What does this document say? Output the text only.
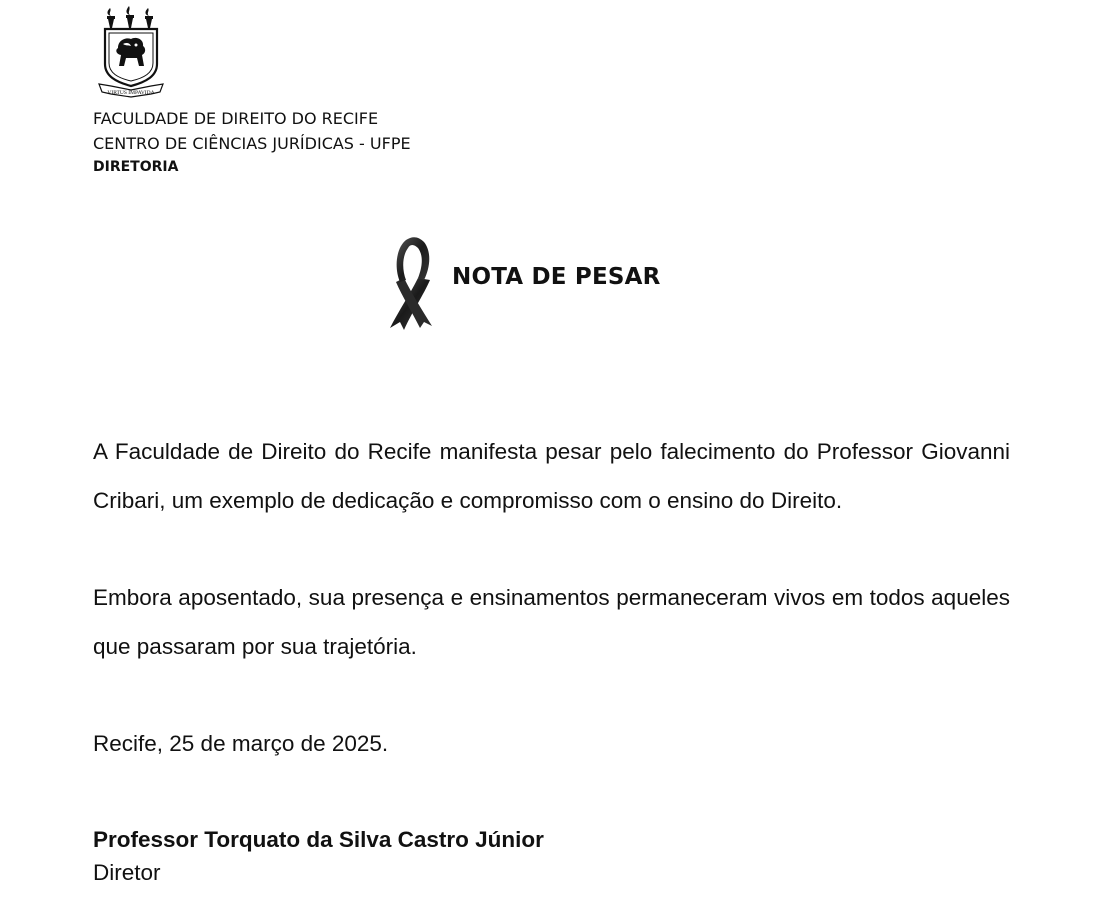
VIRTUS IMPAVIDA
FACULDADE DE DIREITO DO RECIFE
CENTRO DE CIÊNCIAS JURÍDICAS - UFPE
DIRETORIA
NOTA DE PESAR

A Faculdade de Direito do Recife manifesta pesar pelo falecimento do Professor Giovanni Cribari, um exemplo de dedicação e compromisso com o ensino do Direito.

Embora aposentado, sua presença e ensinamentos permaneceram vivos em todos aqueles que passaram por sua trajetória.

Recife, 25 de março de 2025.

Professor Torquato da Silva Castro Júnior

Diretor
